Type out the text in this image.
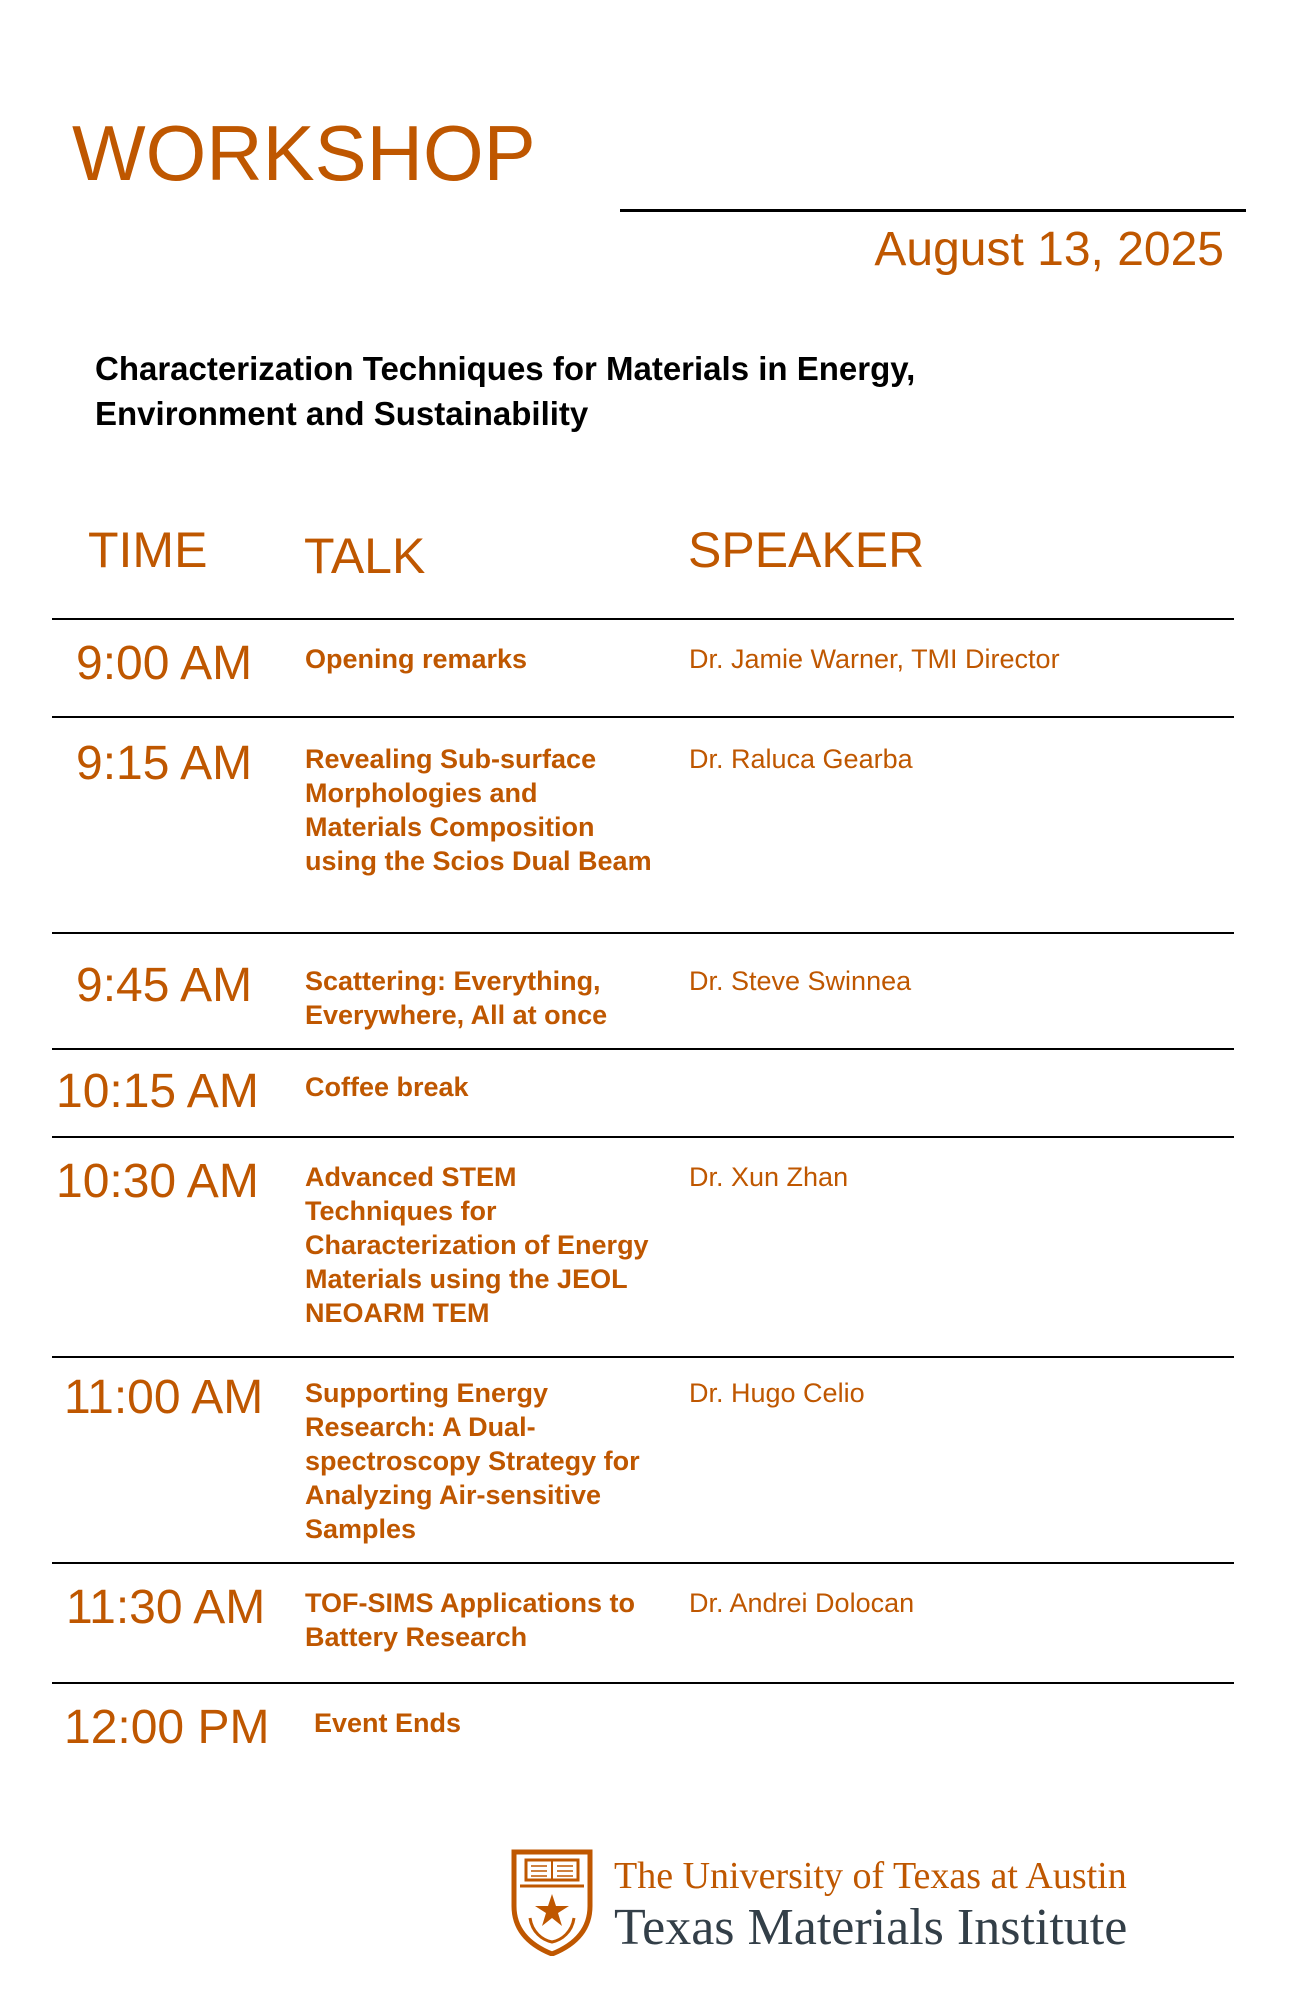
WORKSHOP
August 13, 2025
Characterization Techniques for Materials in Energy,
Environment and Sustainability
TIME TALK	SPEAKER
9:00 AM Opening remarks	Dr. Jamie Warner, TMI Director
9:15 AM Revealing Sub-surface Morphologies and Materials Composition using the Scios Dual Beam
Dr. Raluca Gearba
9:45 AM Scattering: Everything, Everywhere, All at once
Dr. Steve Swinnea
10:15 AM Coffee break
10:30 AM Advanced STEM Techniques for Characterization of Energy Materials using the JEOL NEOARM TEM
Dr. Xun Zhan
11:00 AM Supporting Energy Research: A Dual-spectroscopy Strategy for Analyzing Air-sensitive Samples
Dr. Hugo Celio
11:30 AM TOF-SIMS Applications to Battery Research
Dr. Andrei Dolocan
12:00 PM Event Ends
The University of Texas at Austin
Texas Materials Institute
